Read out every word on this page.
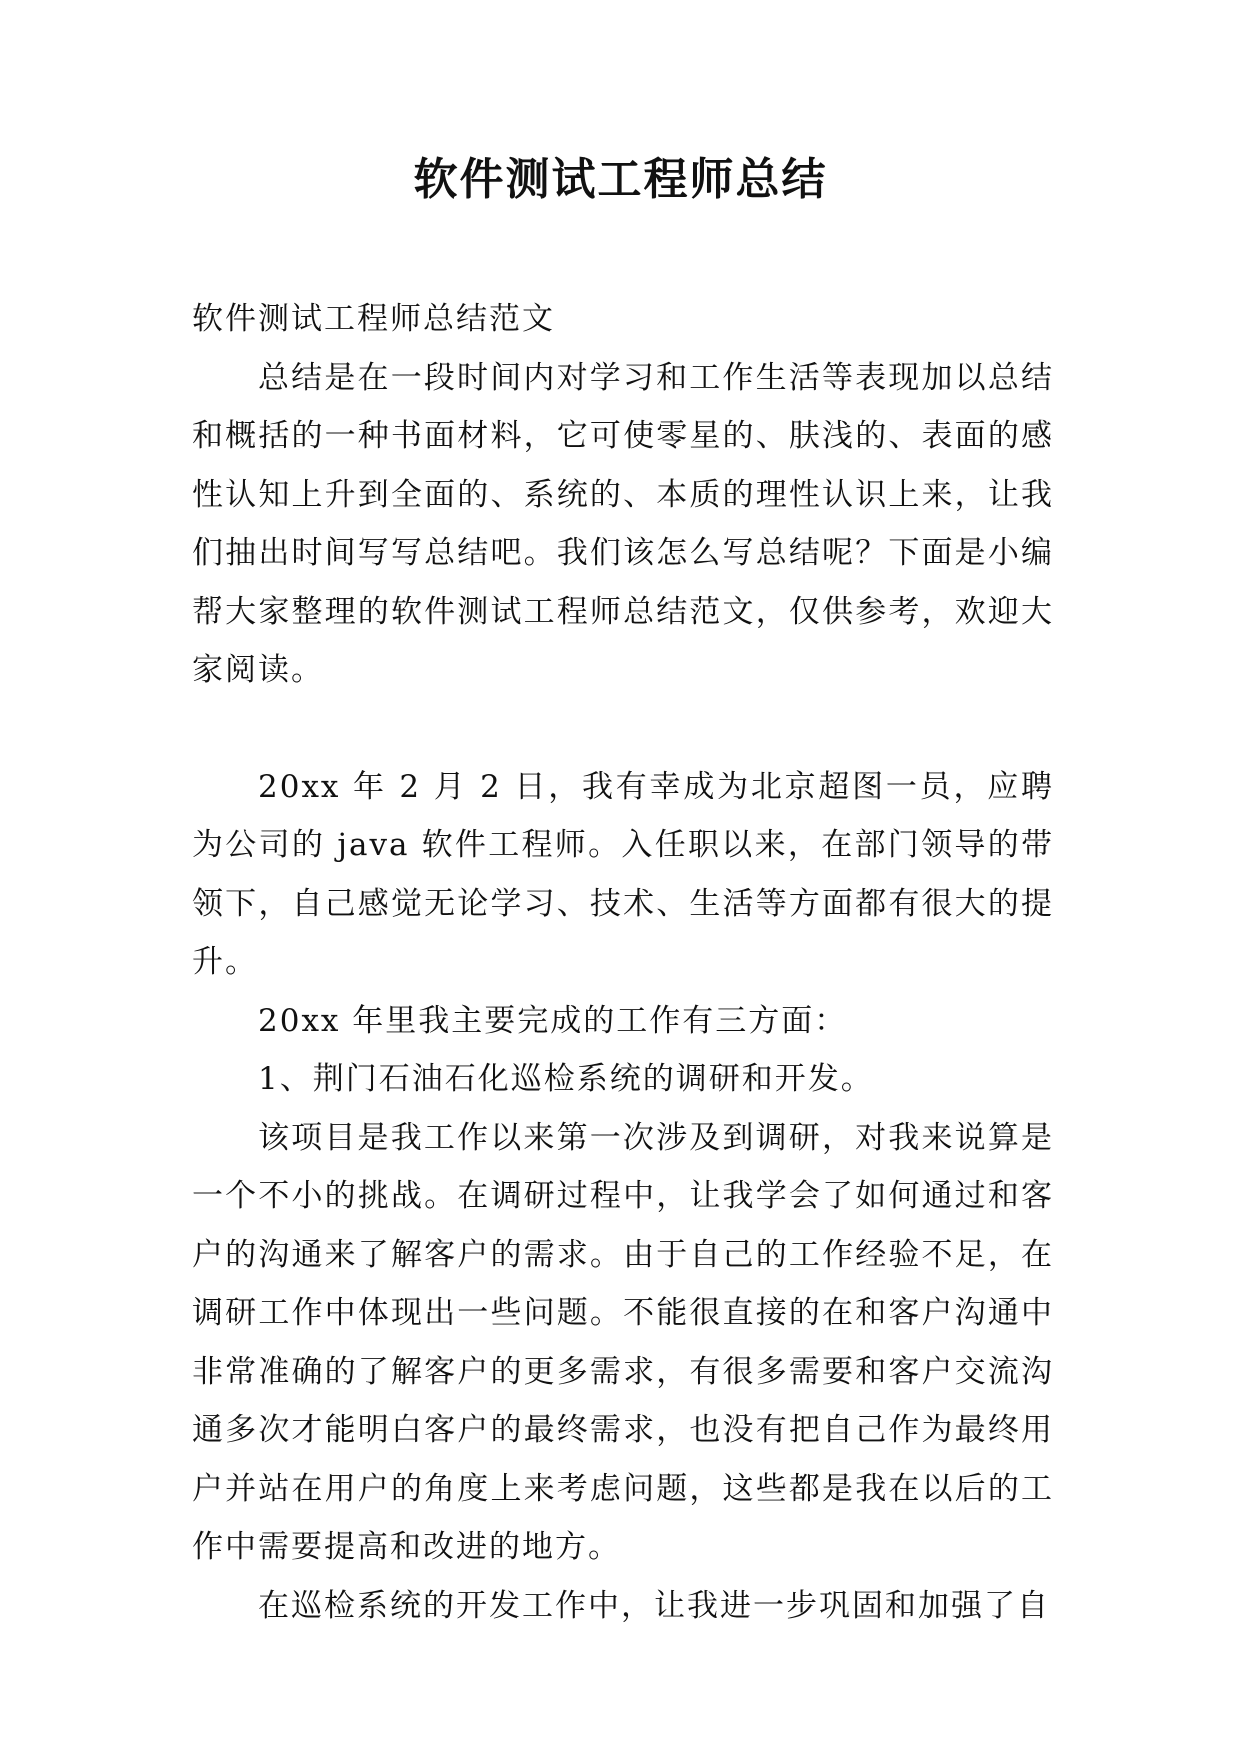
软件测试工程师总结

软件测试工程师总结范文

总结是在一段时间内对学习和工作生活等表现加以总结和概括的一种书面材料，它可使零星的、肤浅的、表面的感性认知上升到全面的、系统的、本质的理性认识上来，让我们抽出时间写写总结吧。我们该怎么写总结呢？下面是小编帮大家整理的软件测试工程师总结范文，仅供参考，欢迎大家阅读。

20xx 年 2 月 2 日，我有幸成为北京超图一员，应聘为公司的 java 软件工程师。入任职以来，在部门领导的带领下，自己感觉无论学习、技术、生活等方面都有很大的提升。

20xx 年里我主要完成的工作有三方面：

1、荆门石油石化巡检系统的调研和开发。

该项目是我工作以来第一次涉及到调研，对我来说算是一个不小的挑战。在调研过程中，让我学会了如何通过和客户的沟通来了解客户的需求。由于自己的工作经验不足，在调研工作中体现出一些问题。不能很直接的在和客户沟通中非常准确的了解客户的更多需求，有很多需要和客户交流沟通多次才能明白客户的最终需求，也没有把自己作为最终用户并站在用户的角度上来考虑问题，这些都是我在以后的工作中需要提高和改进的地方。

在巡检系统的开发工作中，让我进一步巩固和加强了自
